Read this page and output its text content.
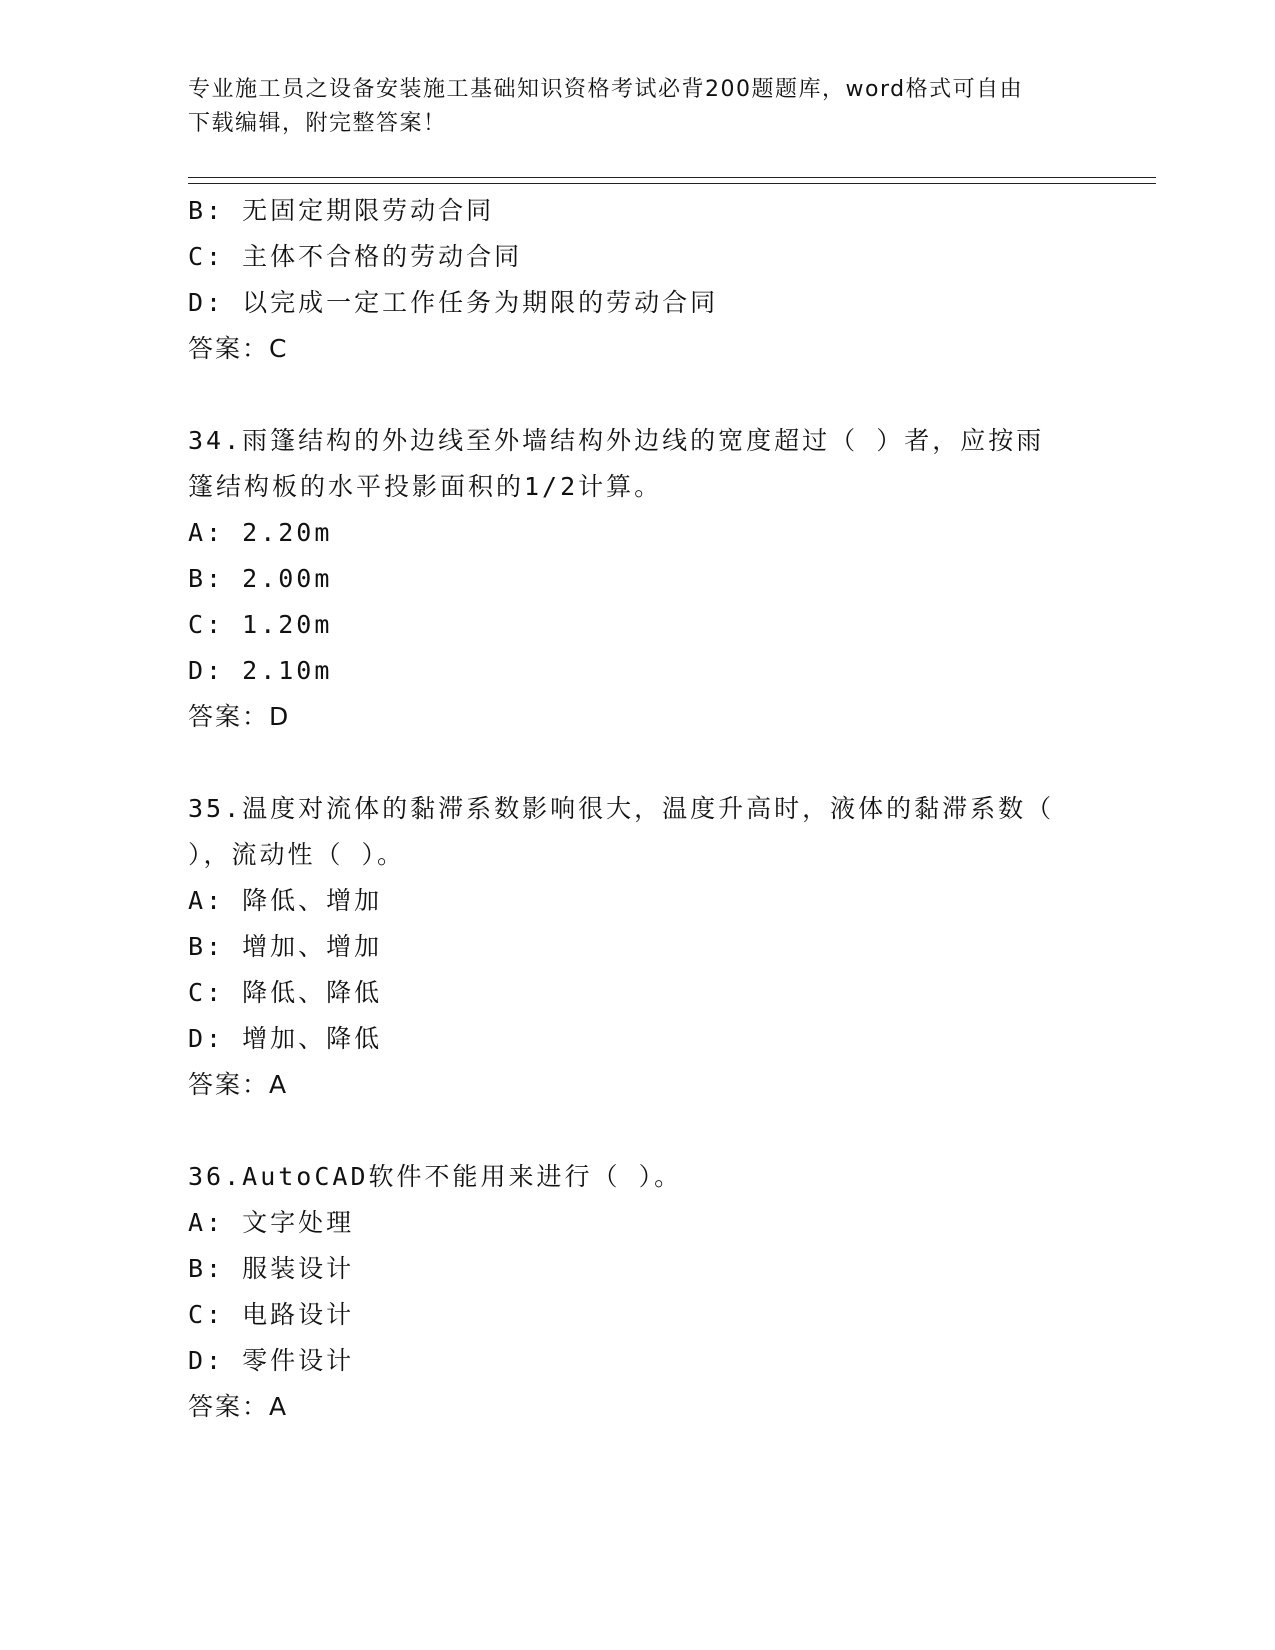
专业施工员之设备安装施工基础知识资格考试必背200题题库，word格式可自由
下载编辑，附完整答案！
B: 无固定期限劳动合同
C: 主体不合格的劳动合同
D: 以完成一定工作任务为期限的劳动合同
答案：C
34.雨篷结构的外边线至外墙结构外边线的宽度超过（ ）者，应按雨
篷结构板的水平投影面积的1/2计算。
A: 2.20m
B: 2.00m
C: 1.20m
D: 2.10m
答案：D
35.温度对流体的黏滞系数影响很大，温度升高时，液体的黏滞系数（
），流动性（ ）。
A: 降低、增加
B: 增加、增加
C: 降低、降低
D: 增加、降低
答案：A
36.AutoCAD软件不能用来进行（ ）。
A: 文字处理
B: 服装设计
C: 电路设计
D: 零件设计
答案：A
